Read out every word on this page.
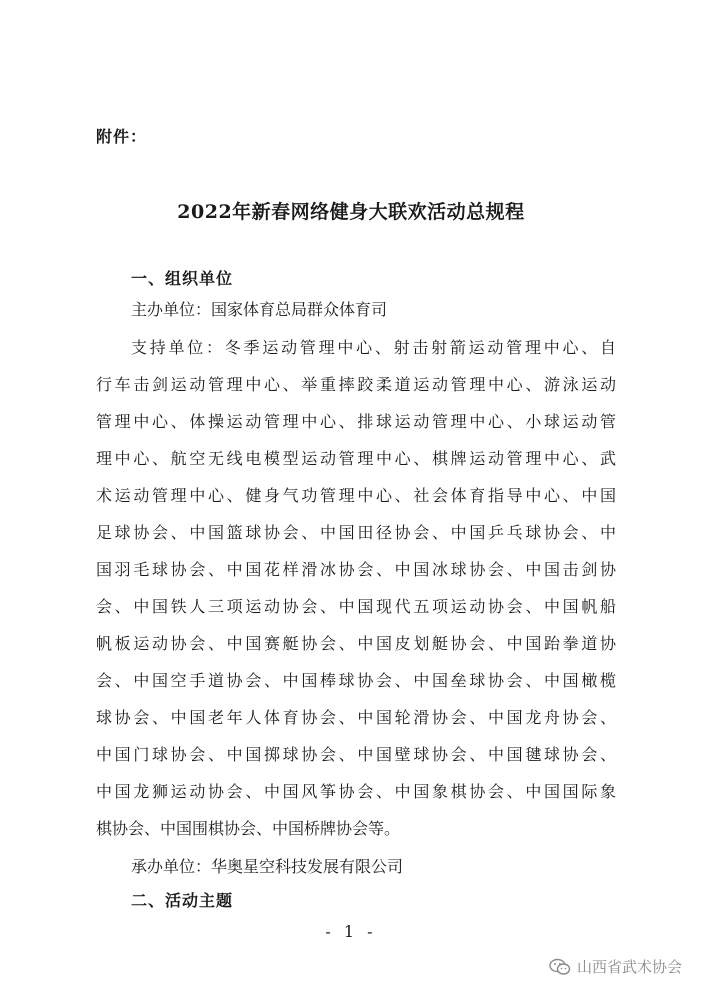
附件：
2022年新春网络健身大联欢活动总规程
一、组织单位
主办单位：国家体育总局群众体育司
支持单位：冬季运动管理中心、射击射箭运动管理中心、自
行车击剑运动管理中心、举重摔跤柔道运动管理中心、游泳运动
管理中心、体操运动管理中心、排球运动管理中心、小球运动管
理中心、航空无线电模型运动管理中心、棋牌运动管理中心、武
术运动管理中心、健身气功管理中心、社会体育指导中心、中国
足球协会、中国篮球协会、中国田径协会、中国乒乓球协会、中
国羽毛球协会、中国花样滑冰协会、中国冰球协会、中国击剑协
会、中国铁人三项运动协会、中国现代五项运动协会、中国帆船
帆板运动协会、中国赛艇协会、中国皮划艇协会、中国跆拳道协
会、中国空手道协会、中国棒球协会、中国垒球协会、中国橄榄
球协会、中国老年人体育协会、中国轮滑协会、中国龙舟协会、
中国门球协会、中国掷球协会、中国壁球协会、中国毽球协会、
中国龙狮运动协会、中国风筝协会、中国象棋协会、中国国际象
棋协会、中国围棋协会、中国桥牌协会等。
承办单位：华奥星空科技发展有限公司
二、活动主题
- 1 -
山西省武术协会
